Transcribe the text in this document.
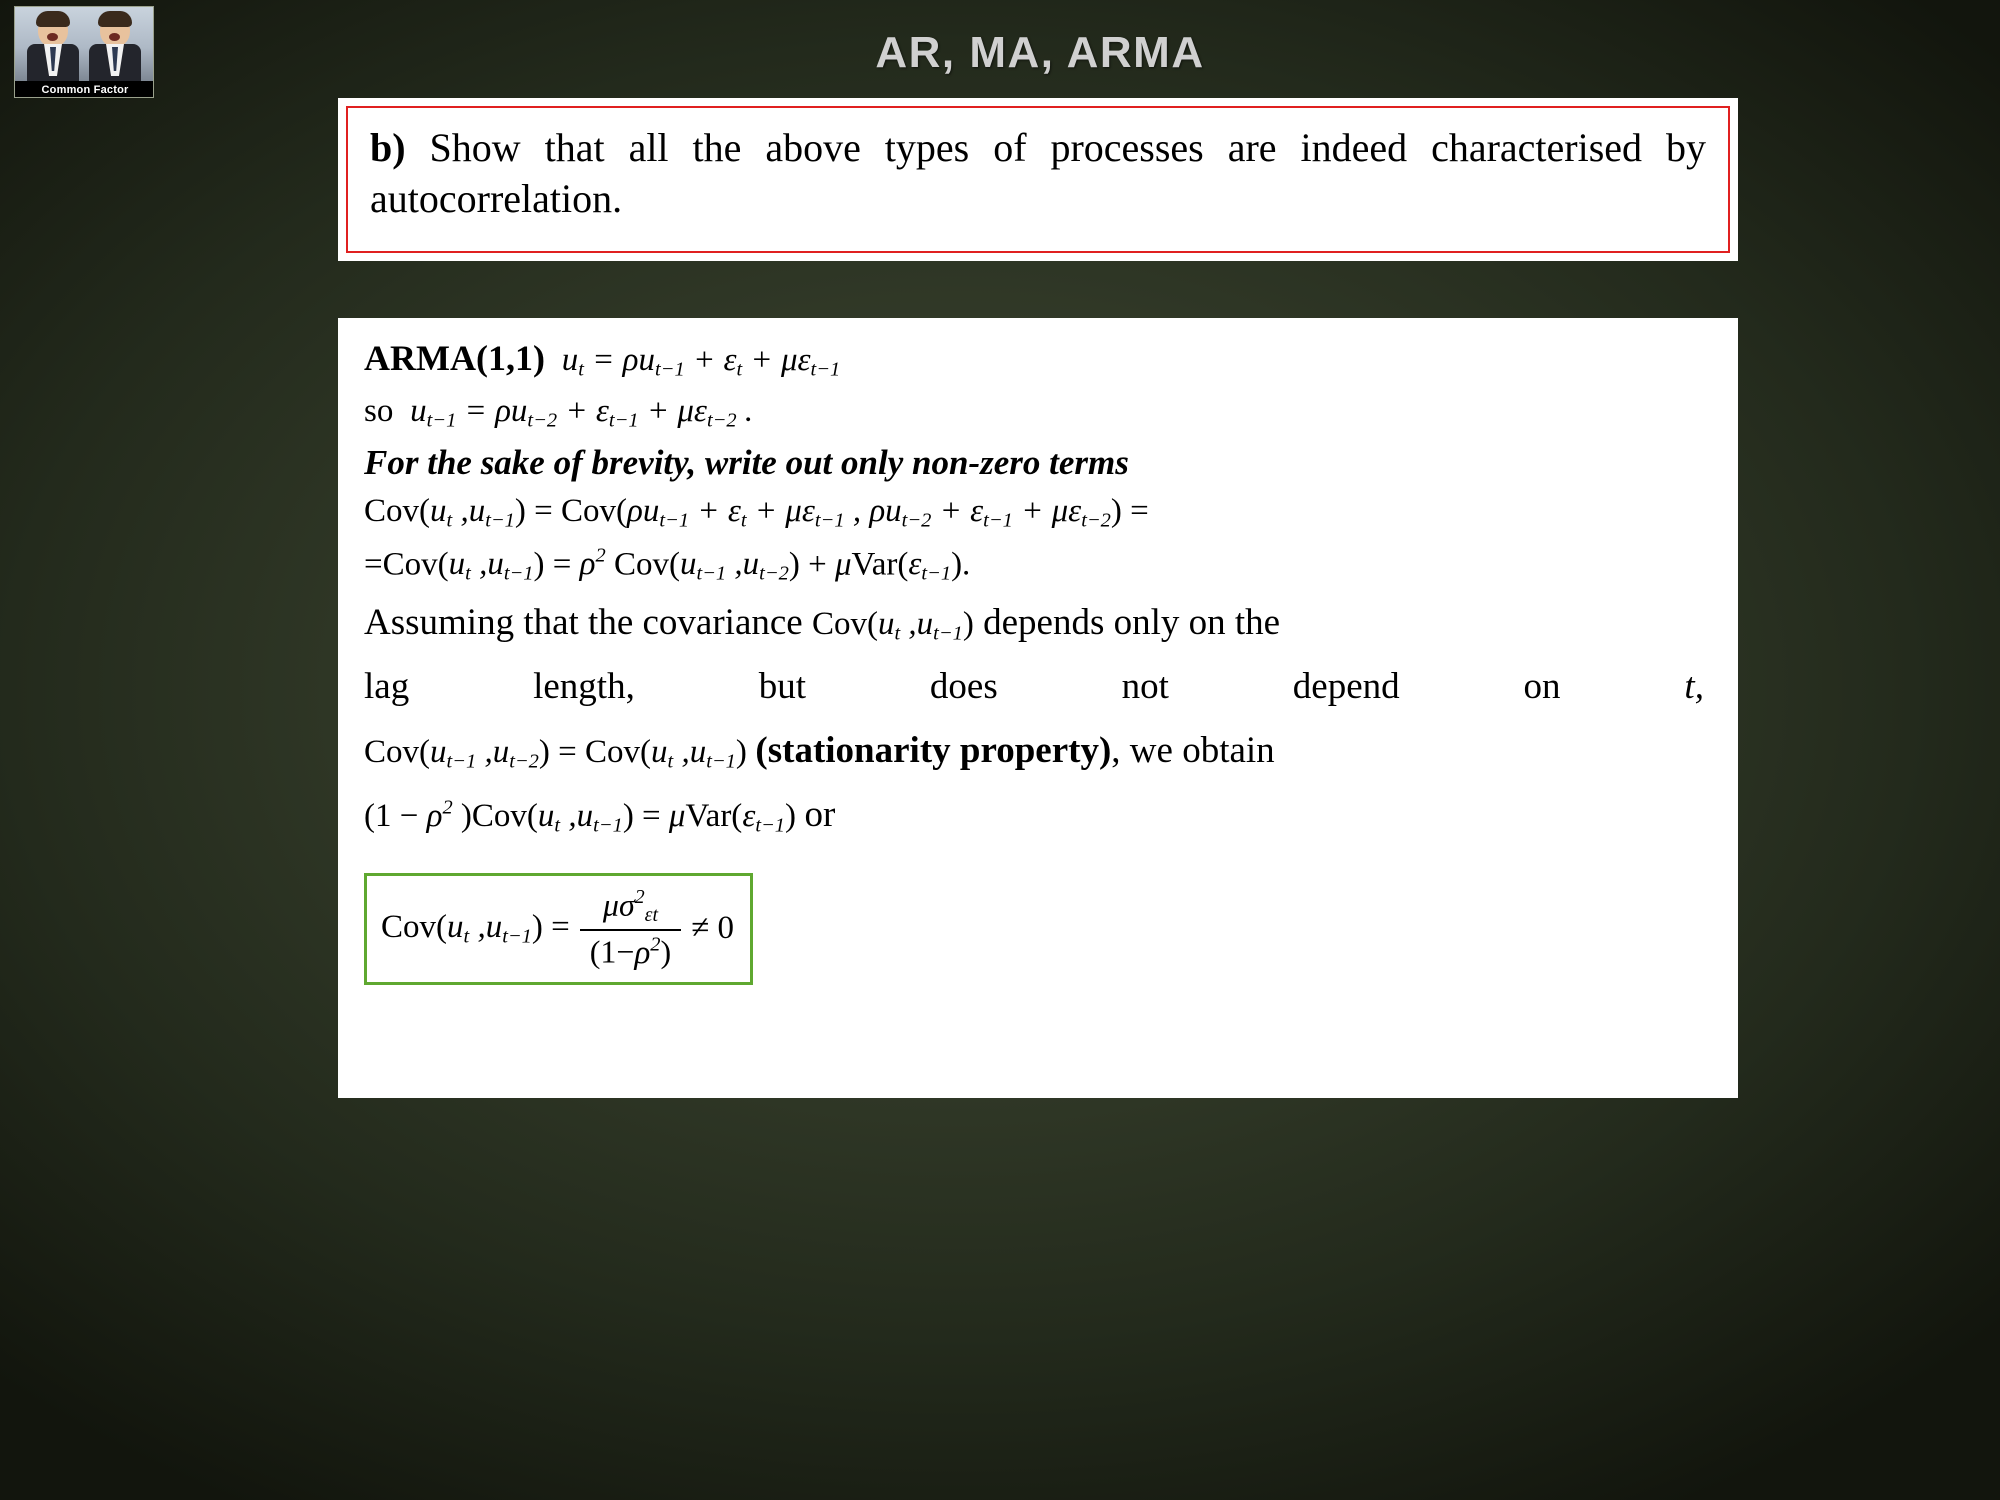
Common Factor
AR, MA, ARMA
b) Show that all the above types of processes are indeed characterised by autocorrelation.
ARMA(1,1)  $u_t = \rho u_{t-1} + \varepsilon_t + \mu\varepsilon_{t-1}$
so  $u_{t-1} = \rho u_{t-2} + \varepsilon_{t-1} + \mu\varepsilon_{t-2}$ .
For the sake of brevity, write out only non-zero terms
$Cov(u_t$ $,u_{t-1}) = Cov(\rho u_{t-1} + \varepsilon_t + \mu\varepsilon_{t-1}$ , $\rho u_{t-2} + \varepsilon_{t-1} + \mu\varepsilon_{t-2}$) =
$=Cov(u_t$ $,u_{t-1}) = \rho^2$ $Cov(u_{t-1}$ $,u_{t-2}) + \mu Var(\varepsilon_{t-1})$.
Assuming that the covariance $Cov(u_t$ $,u_{t-1}$) depends only on the
lag	length,	but	does	not	depend	on	t,
$Cov(u_{t-1}$ $,u_{t-2}) = Cov(u_t$ $,u_{t-1}$) (stationarity property), we obtain
($1 - \rho^2$ )$Cov(u_t$ $,u_{t-1}) = \mu Var(\varepsilon_{t-1})$ or
$Cov(u_t$ $,u_{t-1}) = \frac{\mu\sigma^2_{\varepsilon t}}{(1-\rho^2)} \ne 0$
